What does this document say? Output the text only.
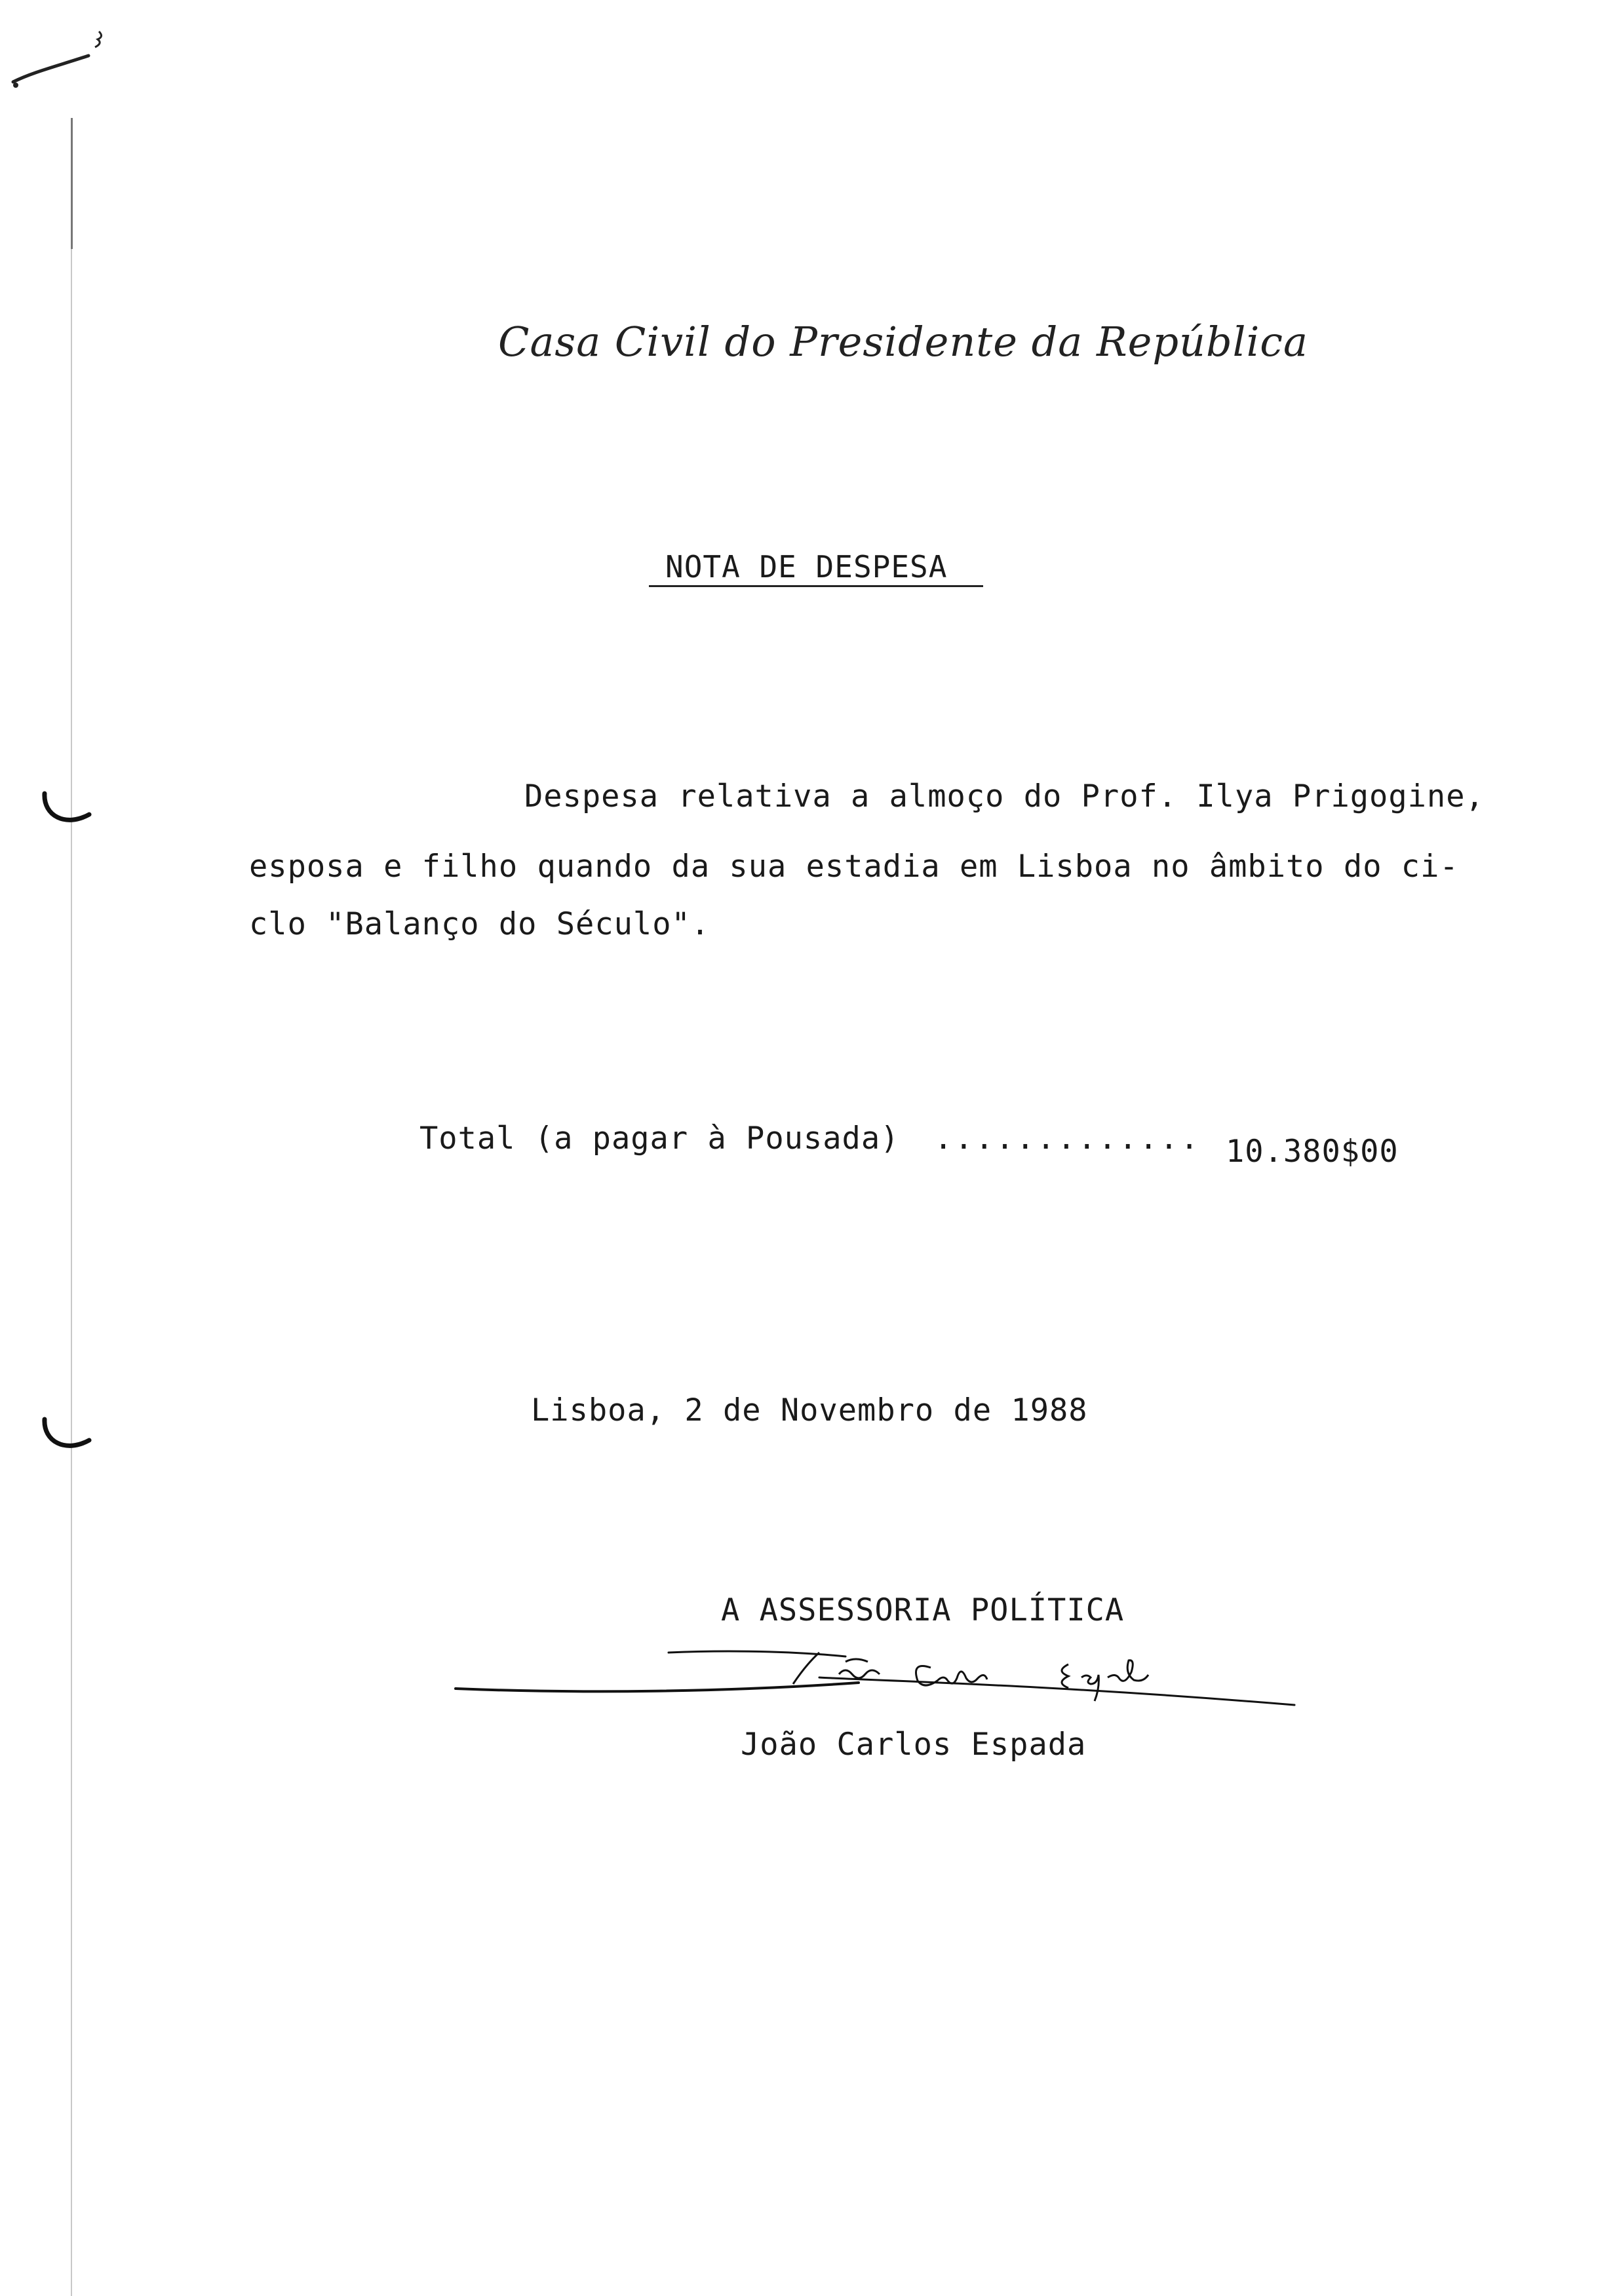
Casa Civil do Presidente da República
NOTA DE DESPESA
Despesa relativa a almoço do Prof. Ilya Prigogine,
esposa e filho quando da sua estadia em Lisboa no âmbito do ci-
clo "Balanço do Século".
Total (a pagar à Pousada) ............. 10.380$00
Lisboa, 2 de Novembro de 1988
A ASSESSORIA POLÍTICA
João Carlos Espada
